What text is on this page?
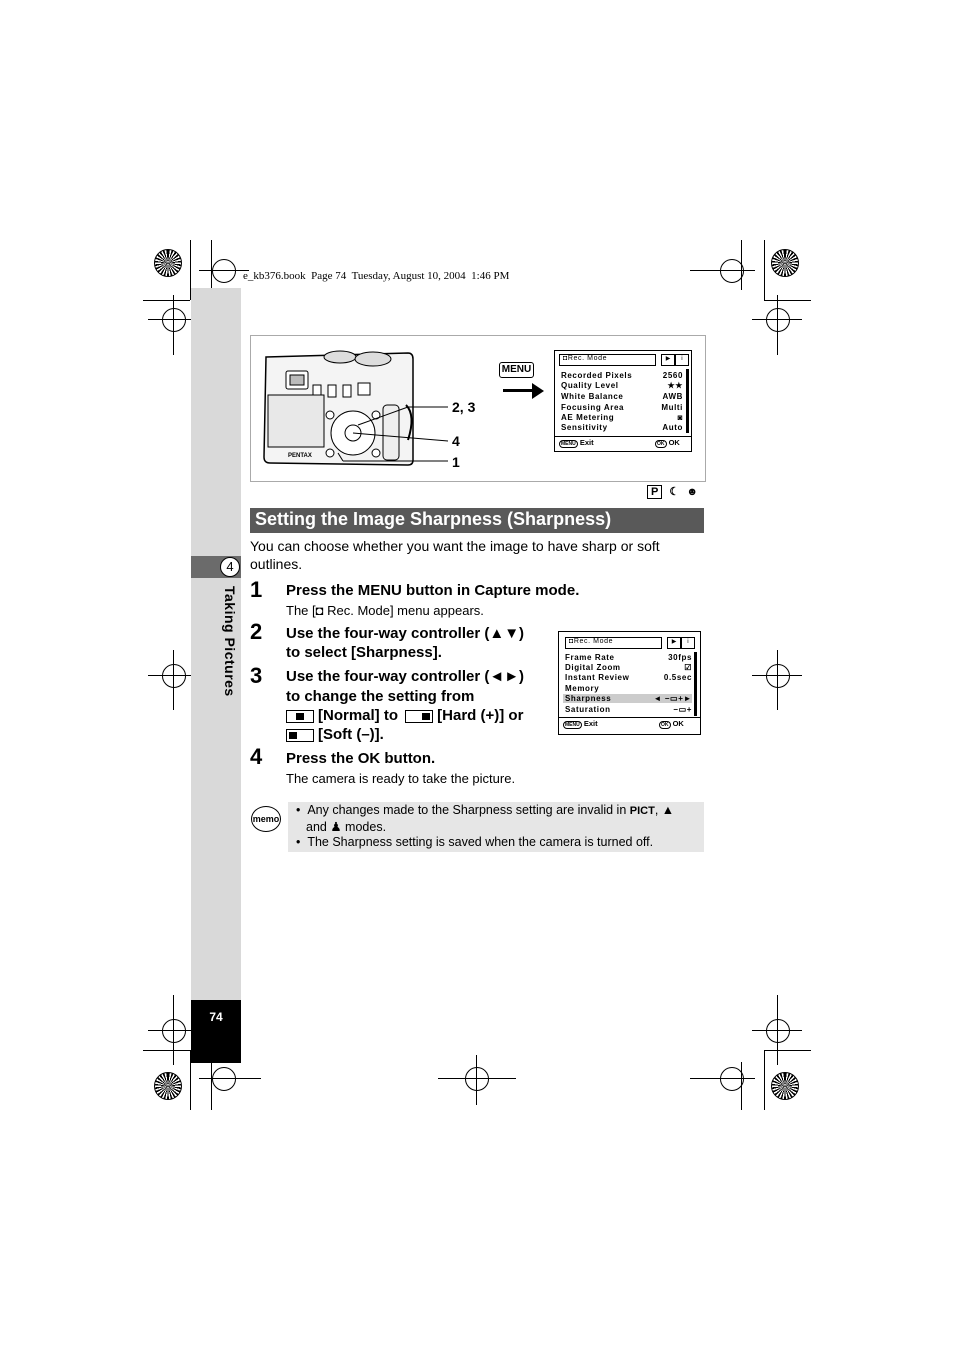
e_kb376.book  Page 74  Tuesday, August 10, 2004  1:46 PM
4
Taking Pictures
74
PENTAX
2, 3
4
1
MENU
◘Rec. Mode	▶	ⅰ
Recorded Pixels	2560
Quality Level	★★
White Balance	AWB
Focusing Area	Multi
AE Metering	◙
Sensitivity	Auto
MENU Exit	OK OK
P ☾ ☻
Setting the Image Sharpness (Sharpness)
You can choose whether you want the image to have sharp or soft
outlines.
1 Press the MENU button in Capture mode.
The [◘ Rec. Mode] menu appears.
2 Use the four-way controller (▲▼)
to select [Sharpness].
3 Use the four-way controller (◄►)
to change the setting from
[Normal] to	[Hard (+)] or
[Soft (–)].
◘Rec. Mode	▶	ⅰ
Frame Rate	30fps
Digital Zoom	☑
Instant Review	0.5sec
Memory
Sharpness	◄ −▭+►
Saturation	−▭+
MENU Exit	OK OK
4 Press the OK button.
The camera is ready to take the picture.
memo
•  Any changes made to the Sharpness setting are invalid in PICT, ▲
and ♟ modes.
•  The Sharpness setting is saved when the camera is turned off.
